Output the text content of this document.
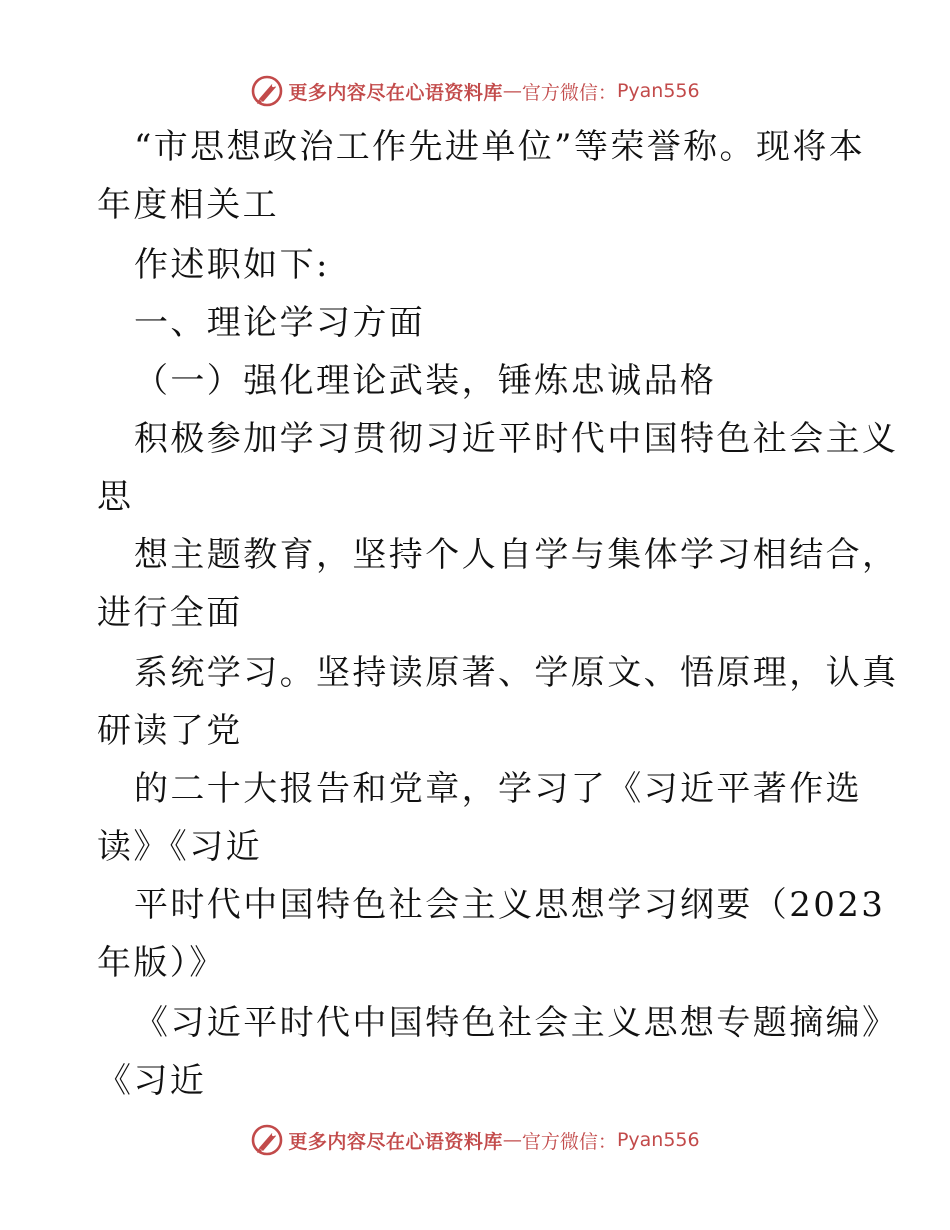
更多内容尽在心语资料库 — 官方微信： Pyan556
“市思想政治工作先进单位”等荣誉称。现将本
年度相关工
作述职如下:
一、理论学习方面
（一）强化理论武装，锤炼忠诚品格
积极参加学习贯彻习近平时代中国特色社会主义
思
想主题教育，坚持个人自学与集体学习相结合，
进行全面
系统学习。坚持读原著、学原文、悟原理，认真
研读了党
的二十大报告和党章，学习了《习近平著作选
读》《习近
平时代中国特色社会主义思想学习纲要（2023
年版）》
《习近平时代中国特色社会主义思想专题摘编》
《习近
更多内容尽在心语资料库 — 官方微信： Pyan556
